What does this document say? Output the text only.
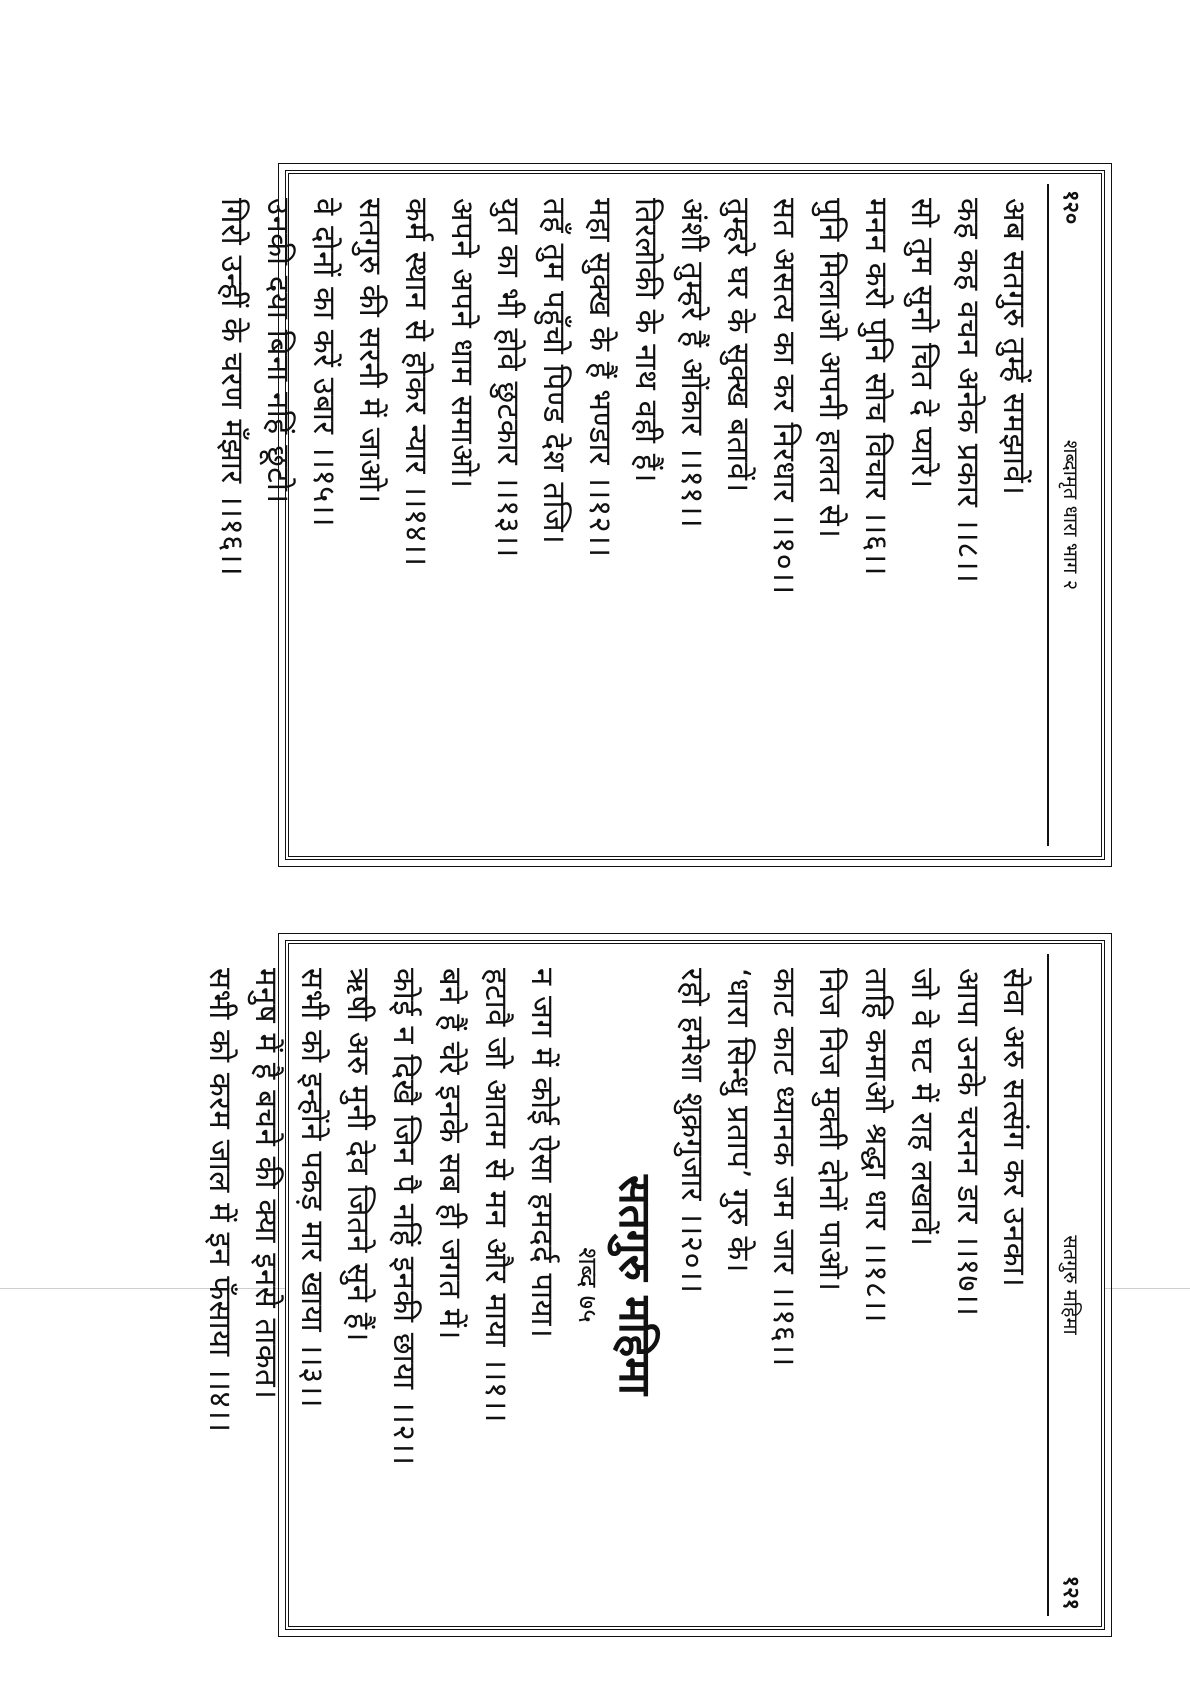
१२०
शब्दामृत धारा भाग २
अब सतगुरु तुम्हें समझावें।
कह कह वचन अनेक प्रकार ।।८।।
सो तुम सुनो चित दे प्यारे।
मनन करो पुनि सोच विचार ।।६।।
पुनि मिलाओ अपनी हालत से।
सत असत्य का कर निरधार ।।१०।।
तुम्हरे घर के सुक्ख बतावें।
अंशी तुम्हरे हैं ओंकार ।।११।।
तिरलोकी के नाथ वही हैं।
महा सुक्ख के हैं भण्डार ।।१२।।
तहँ तुम पहुँचो पिण्ड देश तजि।
युत का भी होवे छुटकार ।।१३।।
अपने अपने धाम समाओ।
कर्म स्थान से होकर न्यार ।।१४।।
सतगुरु की सरनी में जाओ।
वे दोनों का करें उबार ।।१५।।
उनकी दया बिना नहिं छूटो।
गिरो उन्हीं के चरण मँझार ।।१६।।
सतगुरु महिमा
१२१
सेवा अरु सत्संग कर उनका।
आपा उनके चरनन डार ।।१७।।
जो वे घट में राह लखावें।
ताहि कमाओ श्रद्धा धार ।।१८।।
निज निज मुक्ती दोनों पाओ।
काट काट ध्यानक जम जार ।।१६।।
‘धारा सिन्धु प्रताप’ गुरु के।
रहो हमेशा शुक्रगुजार ।।२०।।
सतगुरु महिमा
शब्द ७५
न जग में कोई ऐसा हमदर्द पाया।
हटावै जो आतम से मन और माया ।।१।।
बने हैं चेरे इनके सब ही जगत में।
कोई न दिखै जिन पै नहिं इनकी छाया ।।२।।
ऋषी अरु मुनी देव जितने सुने हैं।
सभी को इन्होंने पकड़ मार खाया ।।३।।
मनुष में है बचने की क्या इनसे ताकत।
सभी को करम जाल में इन फँसाया ।।४।।
